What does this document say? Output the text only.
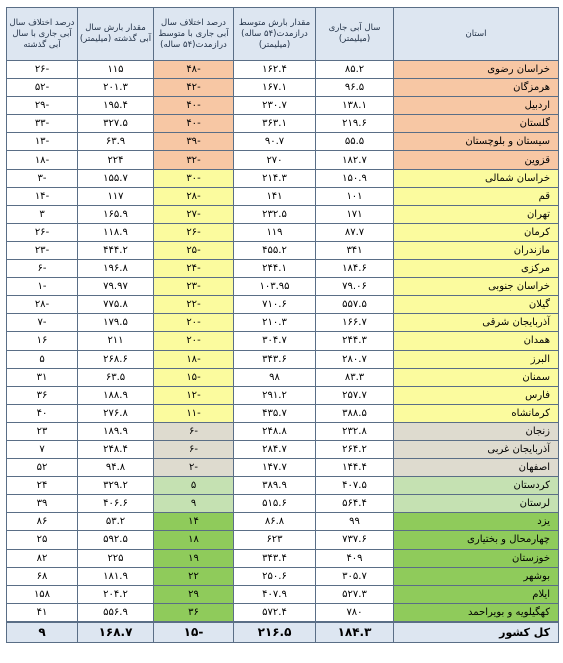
استان	سال آبی جاری (میلیمتر)	مقدار بارش متوسط درازمدت(۵۴ ساله) (میلیمتر)	درصد اختلاف سال آبی جاری با متوسط درازمدت(۵۴ ساله)	مقدار بارش سال آبی گذشته (میلیمتر)	درصد اختلاف سال آبی جاری با سال آبی گذشته
خراسان رضوی	۸۵.۲	۱۶۲.۴	-۴۸	۱۱۵	-۲۶
هرمزگان	۹۶.۵	۱۶۷.۱	-۴۲	۲۰۱.۳	-۵۲
اردبیل	۱۳۸.۱	۲۳۰.۷	-۴۰	۱۹۵.۴	-۲۹
گلستان	۲۱۹.۶	۳۶۳.۱	-۴۰	۳۲۷.۵	-۳۳
سیستان و بلوچستان	۵۵.۵	۹۰.۷	-۳۹	۶۳.۹	-۱۳
قزوین	۱۸۲.۷	۲۷۰	-۳۲	۲۲۴	-۱۸
خراسان شمالی	۱۵۰.۹	۲۱۴.۳	-۳۰	۱۵۵.۷	-۳
قم	۱۰۱	۱۴۱	-۲۸	۱۱۷	-۱۴
تهران	۱۷۱	۲۳۲.۵	-۲۷	۱۶۵.۹	۳
کرمان	۸۷.۷	۱۱۹	-۲۶	۱۱۸.۹	-۲۶
مازندران	۳۴۱	۴۵۵.۲	-۲۵	۴۴۴.۲	-۲۳
مرکزی	۱۸۴.۶	۲۴۴.۱	-۲۴	۱۹۶.۸	-۶
خراسان جنوبی	۷۹.۰۶	۱۰۳.۹۵	-۲۳	۷۹.۹۷	-۱
گیلان	۵۵۷.۵	۷۱۰.۶	-۲۲	۷۷۵.۸	-۲۸
آذربایجان شرقی	۱۶۶.۷	۲۱۰.۳	-۲۰	۱۷۹.۵	-۷
همدان	۲۴۴.۳	۳۰۴.۷	-۲۰	۲۱۱	۱۶
البرز	۲۸۰.۷	۳۴۳.۶	-۱۸	۲۶۸.۶	۵
سمنان	۸۳.۳	۹۸	-۱۵	۶۳.۵	۳۱
فارس	۲۵۷.۷	۲۹۱.۲	-۱۲	۱۸۸.۹	۳۶
کرمانشاه	۳۸۸.۵	۴۳۵.۷	-۱۱	۲۷۶.۸	۴۰
زنجان	۲۳۲.۸	۲۴۸.۸	-۶	۱۸۹.۹	۲۳
آذربایجان غربی	۲۶۴.۲	۲۸۴.۷	-۶	۲۴۸.۴	۷
اصفهان	۱۴۴.۴	۱۴۷.۷	-۲	۹۴.۸	۵۲
کردستان	۴۰۷.۵	۳۸۹.۹	۵	۳۲۹.۲	۲۴
لرستان	۵۶۴.۴	۵۱۵.۶	۹	۴۰۶.۶	۳۹
یزد	۹۹	۸۶.۸	۱۴	۵۳.۲	۸۶
چهارمحال و بختیاری	۷۳۷.۶	۶۲۳	۱۸	۵۹۲.۵	۲۵
خوزستان	۴۰۹	۳۴۳.۴	۱۹	۲۲۵	۸۲
بوشهر	۳۰۵.۷	۲۵۰.۶	۲۲	۱۸۱.۹	۶۸
ایلام	۵۲۷.۳	۴۰۷.۹	۲۹	۲۰۴.۲	۱۵۸
کهگیلویه و بویراحمد	۷۸۰	۵۷۲.۴	۳۶	۵۵۶.۹	۴۱
کل کشور	۱۸۴.۳	۲۱۶.۵	-۱۵	۱۶۸.۷	۹
